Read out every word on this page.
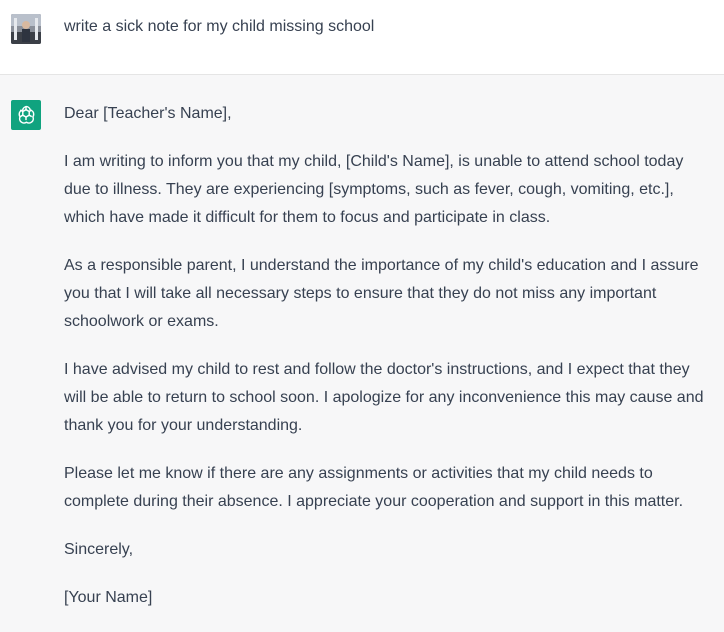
write a sick note for my child missing school

Dear [Teacher's Name],

I am writing to inform you that my child, [Child's Name], is unable to attend school today
due to illness. They are experiencing [symptoms, such as fever, cough, vomiting, etc.],
which have made it difficult for them to focus and participate in class.

As a responsible parent, I understand the importance of my child's education and I assure
you that I will take all necessary steps to ensure that they do not miss any important
schoolwork or exams.

I have advised my child to rest and follow the doctor's instructions, and I expect that they
will be able to return to school soon. I apologize for any inconvenience this may cause and
thank you for your understanding.

Please let me know if there are any assignments or activities that my child needs to
complete during their absence. I appreciate your cooperation and support in this matter.

Sincerely,

[Your Name]
